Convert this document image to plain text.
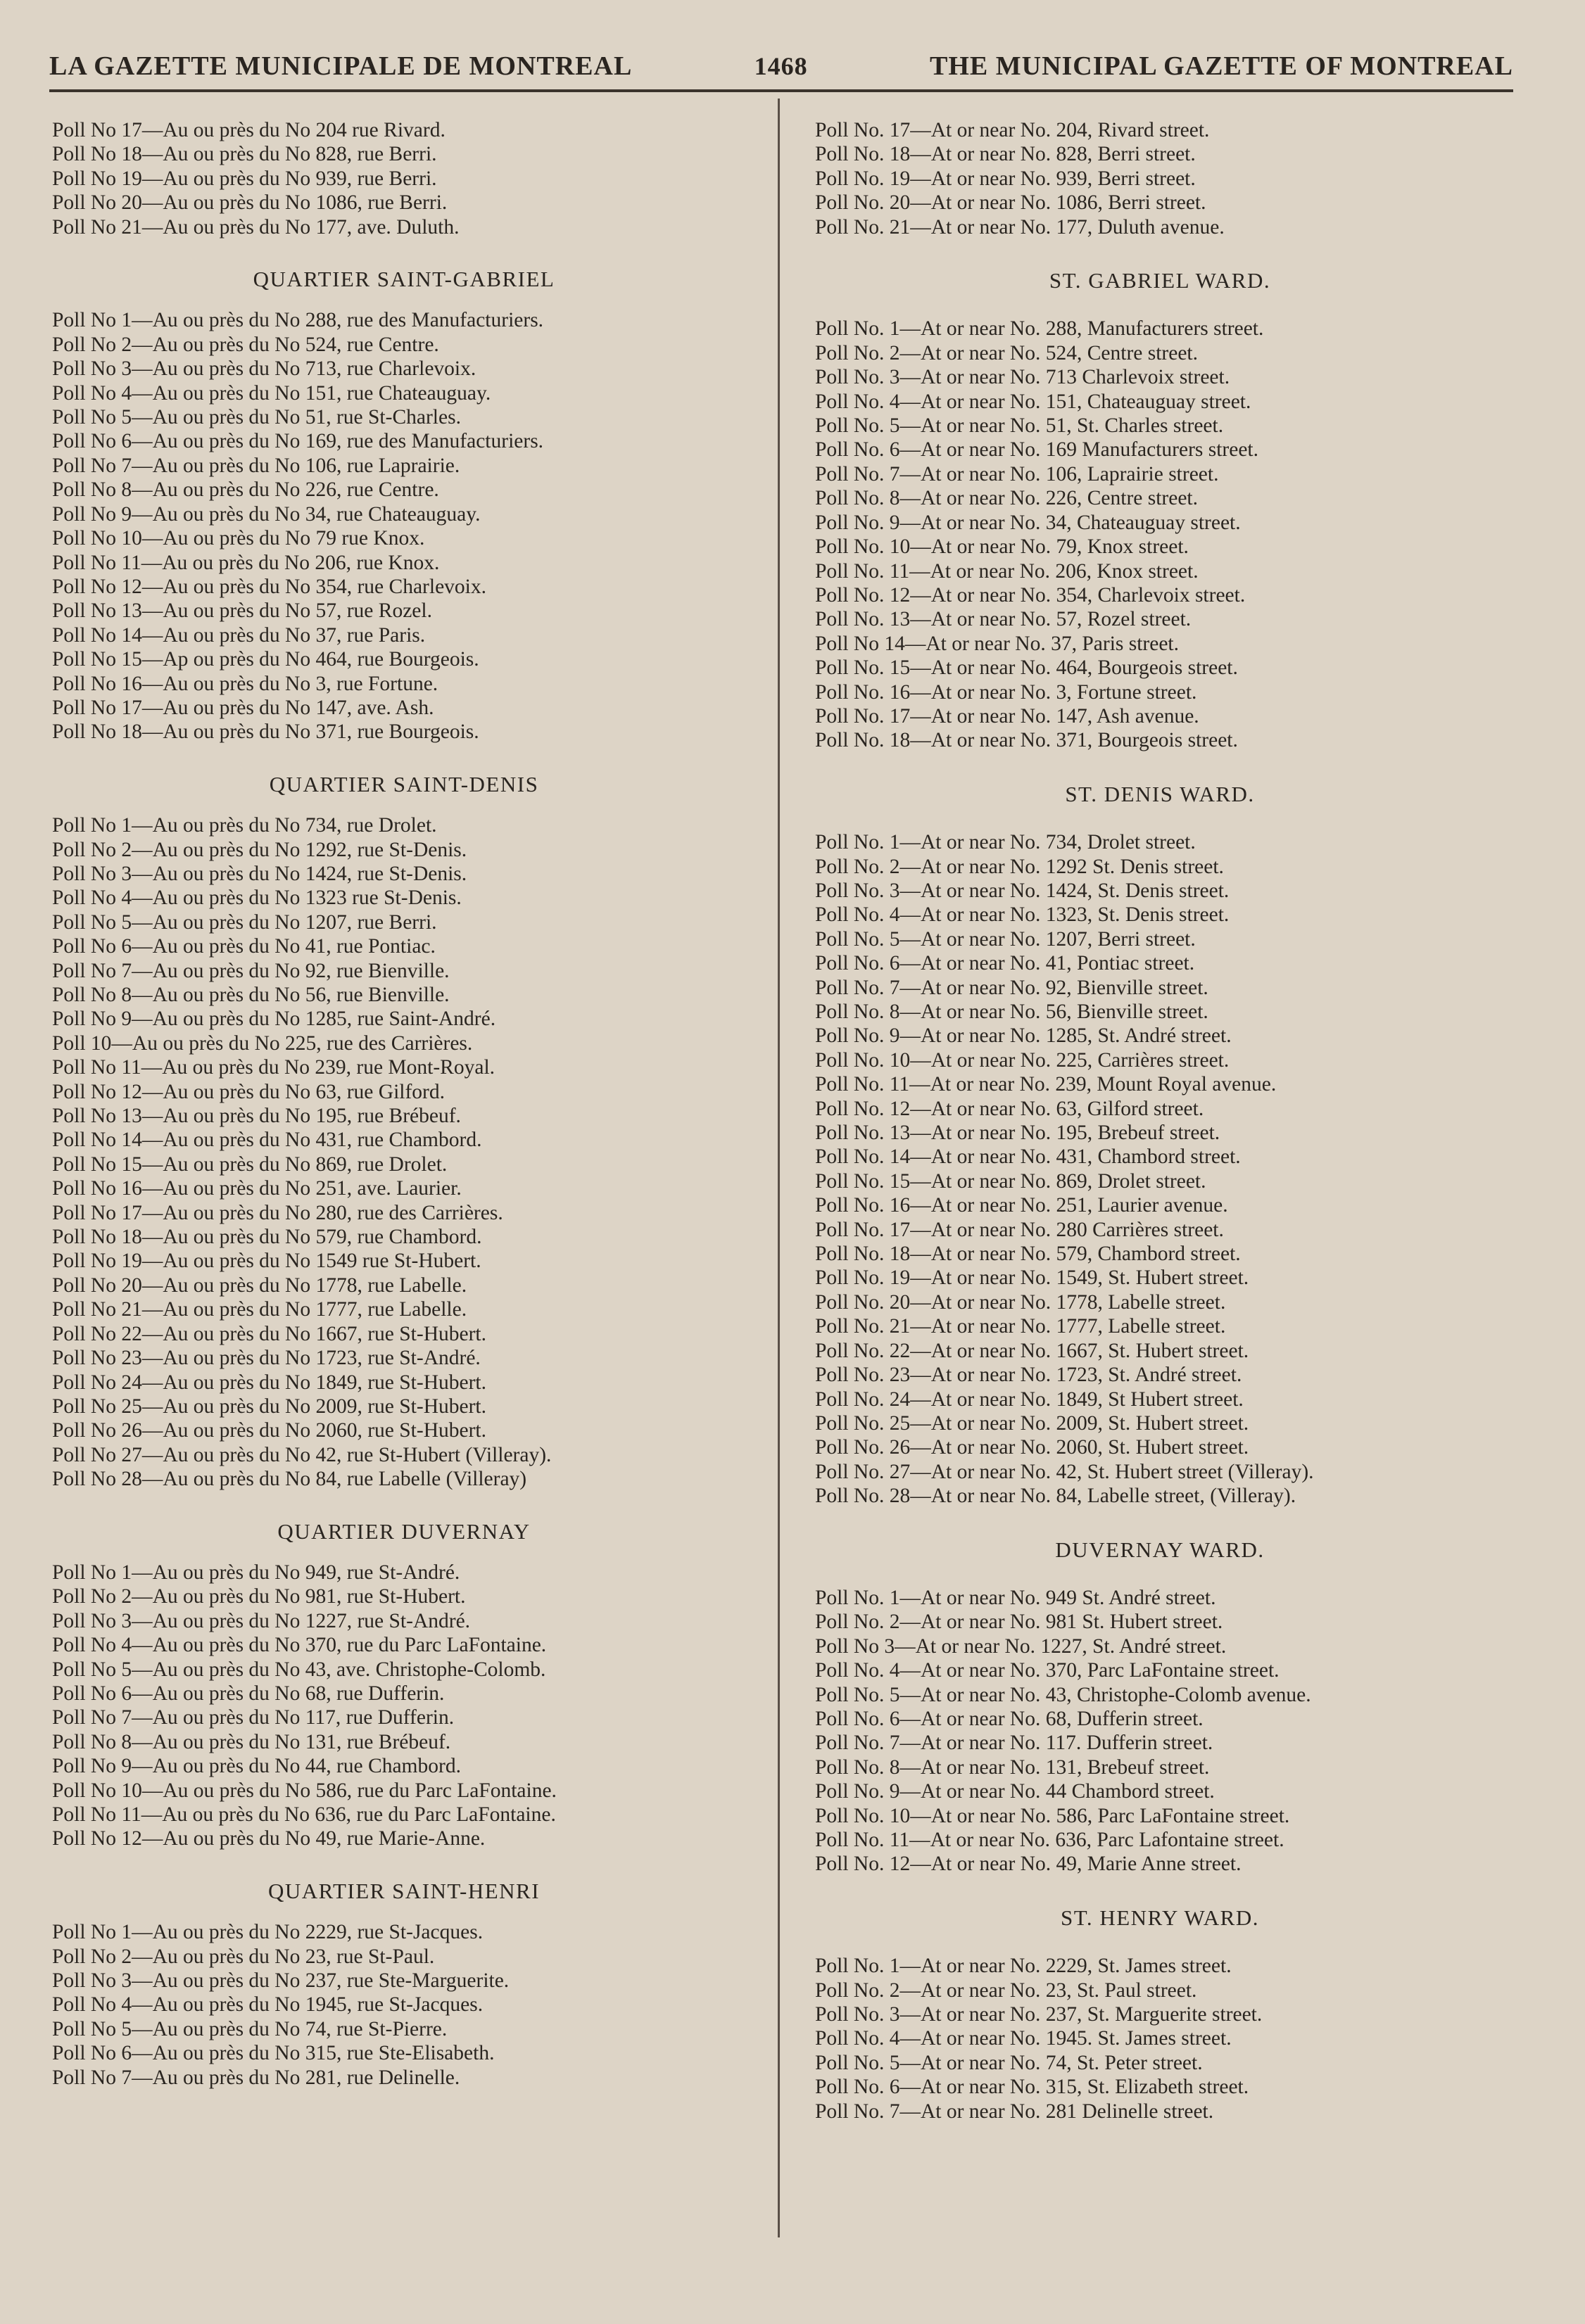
LA GAZETTE MUNICIPALE DE MONTREAL	1468	THE MUNICIPAL GAZETTE OF MONTREAL
Poll No 17—Au ou près du No 204 rue Rivard.
Poll No 18—Au ou près du No 828, rue Berri.
Poll No 19—Au ou près du No 939, rue Berri.
Poll No 20—Au ou près du No 1086, rue Berri.
Poll No 21—Au ou près du No 177, ave. Duluth.
QUARTIER SAINT-GABRIEL
Poll No 1—Au ou près du No 288, rue des Manufacturiers.
Poll No 2—Au ou près du No 524, rue Centre.
Poll No 3—Au ou près du No 713, rue Charlevoix.
Poll No 4—Au ou près du No 151, rue Chateauguay.
Poll No 5—Au ou près du No 51, rue St-Charles.
Poll No 6—Au ou près du No 169, rue des Manufacturiers.
Poll No 7—Au ou près du No 106, rue Laprairie.
Poll No 8—Au ou près du No 226, rue Centre.
Poll No 9—Au ou près du No 34, rue Chateauguay.
Poll No 10—Au ou près du No 79 rue Knox.
Poll No 11—Au ou près du No 206, rue Knox.
Poll No 12—Au ou près du No 354, rue Charlevoix.
Poll No 13—Au ou près du No 57, rue Rozel.
Poll No 14—Au ou près du No 37, rue Paris.
Poll No 15—Ap ou près du No 464, rue Bourgeois.
Poll No 16—Au ou près du No 3, rue Fortune.
Poll No 17—Au ou près du No 147, ave. Ash.
Poll No 18—Au ou près du No 371, rue Bourgeois.
QUARTIER SAINT-DENIS
Poll No 1—Au ou près du No 734, rue Drolet.
Poll No 2—Au ou près du No 1292, rue St-Denis.
Poll No 3—Au ou près du No 1424, rue St-Denis.
Poll No 4—Au ou près du No 1323 rue St-Denis.
Poll No 5—Au ou près du No 1207, rue Berri.
Poll No 6—Au ou près du No 41, rue Pontiac.
Poll No 7—Au ou près du No 92, rue Bienville.
Poll No 8—Au ou près du No 56, rue Bienville.
Poll No 9—Au ou près du No 1285, rue Saint-André.
Poll 10—Au ou près du No 225, rue des Carrières.
Poll No 11—Au ou près du No 239, rue Mont-Royal.
Poll No 12—Au ou près du No 63, rue Gilford.
Poll No 13—Au ou près du No 195, rue Brébeuf.
Poll No 14—Au ou près du No 431, rue Chambord.
Poll No 15—Au ou près du No 869, rue Drolet.
Poll No 16—Au ou près du No 251, ave. Laurier.
Poll No 17—Au ou près du No 280, rue des Carrières.
Poll No 18—Au ou près du No 579, rue Chambord.
Poll No 19—Au ou près du No 1549 rue St-Hubert.
Poll No 20—Au ou près du No 1778, rue Labelle.
Poll No 21—Au ou près du No 1777, rue Labelle.
Poll No 22—Au ou près du No 1667, rue St-Hubert.
Poll No 23—Au ou près du No 1723, rue St-André.
Poll No 24—Au ou près du No 1849, rue St-Hubert.
Poll No 25—Au ou près du No 2009, rue St-Hubert.
Poll No 26—Au ou près du No 2060, rue St-Hubert.
Poll No 27—Au ou près du No 42, rue St-Hubert (Villeray).
Poll No 28—Au ou près du No 84, rue Labelle (Villeray)
QUARTIER DUVERNAY
Poll No 1—Au ou près du No 949, rue St-André.
Poll No 2—Au ou près du No 981, rue St-Hubert.
Poll No 3—Au ou près du No 1227, rue St-André.
Poll No 4—Au ou près du No 370, rue du Parc LaFontaine.
Poll No 5—Au ou près du No 43, ave. Christophe-Colomb.
Poll No 6—Au ou près du No 68, rue Dufferin.
Poll No 7—Au ou près du No 117, rue Dufferin.
Poll No 8—Au ou près du No 131, rue Brébeuf.
Poll No 9—Au ou près du No 44, rue Chambord.
Poll No 10—Au ou près du No 586, rue du Parc LaFontaine.
Poll No 11—Au ou près du No 636, rue du Parc LaFontaine.
Poll No 12—Au ou près du No 49, rue Marie-Anne.
QUARTIER SAINT-HENRI
Poll No 1—Au ou près du No 2229, rue St-Jacques.
Poll No 2—Au ou près du No 23, rue St-Paul.
Poll No 3—Au ou près du No 237, rue Ste-Marguerite.
Poll No 4—Au ou près du No 1945, rue St-Jacques.
Poll No 5—Au ou près du No 74, rue St-Pierre.
Poll No 6—Au ou près du No 315, rue Ste-Elisabeth.
Poll No 7—Au ou près du No 281, rue Delinelle.
Poll No. 17—At or near No. 204, Rivard street.
Poll No. 18—At or near No. 828, Berri street.
Poll No. 19—At or near No. 939, Berri street.
Poll No. 20—At or near No. 1086, Berri street.
Poll No. 21—At or near No. 177, Duluth avenue.
ST. GABRIEL WARD.
Poll No. 1—At or near No. 288, Manufacturers street.
Poll No. 2—At or near No. 524, Centre street.
Poll No. 3—At or near No. 713 Charlevoix street.
Poll No. 4—At or near No. 151, Chateauguay street.
Poll No. 5—At or near No. 51, St. Charles street.
Poll No. 6—At or near No. 169 Manufacturers street.
Poll No. 7—At or near No. 106, Laprairie street.
Poll No. 8—At or near No. 226, Centre street.
Poll No. 9—At or near No. 34, Chateauguay street.
Poll No. 10—At or near No. 79, Knox street.
Poll No. 11—At or near No. 206, Knox street.
Poll No. 12—At or near No. 354, Charlevoix street.
Poll No. 13—At or near No. 57, Rozel street.
Poll No 14—At or near No. 37, Paris street.
Poll No. 15—At or near No. 464, Bourgeois street.
Poll No. 16—At or near No. 3, Fortune street.
Poll No. 17—At or near No. 147, Ash avenue.
Poll No. 18—At or near No. 371, Bourgeois street.
ST. DENIS WARD.
Poll No. 1—At or near No. 734, Drolet street.
Poll No. 2—At or near No. 1292 St. Denis street.
Poll No. 3—At or near No. 1424, St. Denis street.
Poll No. 4—At or near No. 1323, St. Denis street.
Poll No. 5—At or near No. 1207, Berri street.
Poll No. 6—At or near No. 41, Pontiac street.
Poll No. 7—At or near No. 92, Bienville street.
Poll No. 8—At or near No. 56, Bienville street.
Poll No. 9—At or near No. 1285, St. André street.
Poll No. 10—At or near No. 225, Carrières street.
Poll No. 11—At or near No. 239, Mount Royal avenue.
Poll No. 12—At or near No. 63, Gilford street.
Poll No. 13—At or near No. 195, Brebeuf street.
Poll No. 14—At or near No. 431, Chambord street.
Poll No. 15—At or near No. 869, Drolet street.
Poll No. 16—At or near No. 251, Laurier avenue.
Poll No. 17—At or near No. 280 Carrières street.
Poll No. 18—At or near No. 579, Chambord street.
Poll No. 19—At or near No. 1549, St. Hubert street.
Poll No. 20—At or near No. 1778, Labelle street.
Poll No. 21—At or near No. 1777, Labelle street.
Poll No. 22—At or near No. 1667, St. Hubert street.
Poll No. 23—At or near No. 1723, St. André street.
Poll No. 24—At or near No. 1849, St Hubert street.
Poll No. 25—At or near No. 2009, St. Hubert street.
Poll No. 26—At or near No. 2060, St. Hubert street.
Poll No. 27—At or near No. 42, St. Hubert street (Villeray).
Poll No. 28—At or near No. 84, Labelle street, (Villeray).
DUVERNAY WARD.
Poll No. 1—At or near No. 949 St. André street.
Poll No. 2—At or near No. 981 St. Hubert street.
Poll No 3—At or near No. 1227, St. André street.
Poll No. 4—At or near No. 370, Parc LaFontaine street.
Poll No. 5—At or near No. 43, Christophe-Colomb avenue.
Poll No. 6—At or near No. 68, Dufferin street.
Poll No. 7—At or near No. 117. Dufferin street.
Poll No. 8—At or near No. 131, Brebeuf street.
Poll No. 9—At or near No. 44 Chambord street.
Poll No. 10—At or near No. 586, Parc LaFontaine street.
Poll No. 11—At or near No. 636, Parc Lafontaine street.
Poll No. 12—At or near No. 49, Marie Anne street.
ST. HENRY WARD.
Poll No. 1—At or near No. 2229, St. James street.
Poll No. 2—At or near No. 23, St. Paul street.
Poll No. 3—At or near No. 237, St. Marguerite street.
Poll No. 4—At or near No. 1945. St. James street.
Poll No. 5—At or near No. 74, St. Peter street.
Poll No. 6—At or near No. 315, St. Elizabeth street.
Poll No. 7—At or near No. 281 Delinelle street.
